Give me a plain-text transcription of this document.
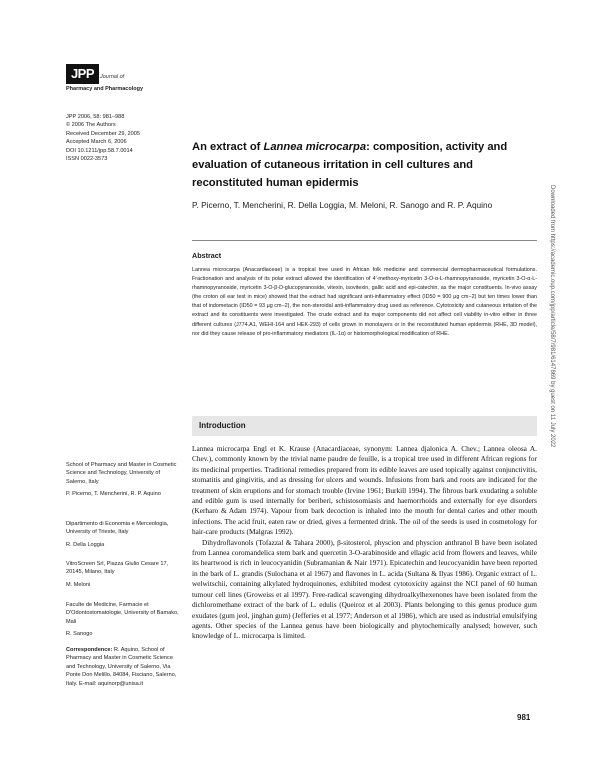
JPP	Journal of
Pharmacy and Pharmacology
JPP 2006, 58: 981–988
© 2006 The Authors
Received December 29, 2005
Accepted March 6, 2006
DOI 10.1211/jpp.58.7.0014
ISSN 0022-3573
An extract of Lannea microcarpa: composition, activity and evaluation of cutaneous irritation in cell cultures and reconstituted human epidermis
P. Picerno, T. Mencherini, R. Della Loggia, M. Meloni, R. Sanogo and R. P. Aquino
Abstract
Lannea microcarpa (Anacardiaceae) is a tropical tree used in African folk medicine and commercial dermopharmaceutical formulations. Fractionation and analysis of its polar extract allowed the identification of 4′-methoxy-myricetin 3-O-α-L-rhamnopyranoside, myricetin 3-O-α-L-rhamnopyranoside, myricetin 3-O-β-D-glucopyranoside, vitexin, isovitexin, gallic acid and epi-catechin, as the major constituents. In-vivo assay (the croton oil ear test in mice) showed that the extract had significant anti-inflammatory effect (ID50 = 900 μg cm−2) but ten times lower than that of indometacin (ID50 = 93 μg cm−2), the non-steroidal anti-inflammatory drug used as reference. Cytotoxicity and cutaneous irritation of the extract and its constituents were investigated. The crude extract and its major components did not affect cell viability in-vitro either in three different cultures (J774.A1, WEHI-164 and HEK-293) of cells grown in monolayers or in the reconstituted human epidermis (RHE, 3D model), nor did they cause release of pro-inflammatory mediators (IL-1α) or histomorphological modification of RHE.
Introduction

Lannea microcarpa Engl et K. Krause (Anacardiaceae, synonym: Lannea djalonica A. Chev.; Lannea oleosa A. Chev.), commonly known by the trivial name paudre de feuille, is a tropical tree used in different African regions for its medicinal properties. Traditional remedies prepared from its edible leaves are used topically against conjunctivitis, stomatitis and gingivitis, and as dressing for ulcers and wounds. Infusions from bark and roots are indicated for the treatment of skin eruptions and for stomach trouble (Irvine 1961; Burkill 1994). The fibrous bark exudating a soluble and edible gum is used internally for beriberi, schistosomiasis and haemorrhoids and externally for eye disorders (Kerharo & Adam 1974). Vapour from bark decoction is inhaled into the mouth for dental caries and other mouth infections. The acid fruit, eaten raw or dried, gives a fermented drink. The oil of the seeds is used in cosmetology for hair-care products (Malgras 1992).

Dihydroflavonols (Tofazzal & Tahara 2000), β-sitosterol, physcion and physcion anthranol B have been isolated from Lannea coromandelica stem bark and quercetin 3-O-arabinoside and ellagic acid from flowers and leaves, while its heartwood is rich in leucocyanidin (Subramanian & Nair 1971). Epicatechin and leucocyanidin have been reported in the bark of L. grandis (Sulochana et al 1967) and flavones in L. acida (Sultana & Ilyas 1986). Organic extract of L. welwitschii, containing alkylated hydroquinones, exhibited modest cytotoxicity against the NCI panel of 60 human tumour cell lines (Groweiss et al 1997). Free-radical scavenging dihydroalkylhexenones have been isolated from the dichloromethane extract of the bark of L. edulis (Queiroz et al 2003). Plants belonging to this genus produce gum exudates (gum jeol, jinghan gum) (Jefferies et al 1977; Anderson et al 1986), which are used as industrial emulsifying agents. Other species of the Lannea genus have been biologically and phytochemically analysed; however, such knowledge of L. microcarpa is limited.

School of Pharmacy and Master in Cosmetic Science and Technology, University of Salerno, Italy
P. Picerno, T. Mencherini, R. P. Aquino
Dipartimento di Economia e Merceologia, University of Trieste, Italy
R. Della Loggia
VitroScreen Srl, Piazza Giulio Cesare 17, 20145, Milano, Italy
M. Meloni
Faculte de Medicine, Farmacie et D'Odontostomatologie, University of Bamako, Mali
R. Sanogo
Correspondence: R. Aquino, School of Pharmacy and Master in Cosmetic Science and Technology, University of Salerno, Via Ponte Don Melillo, 84084, Fisciano, Salerno, Italy. E-mail: aquinorp@unisa.it
981
Downloaded from https://academic.oup.com/jpp/article/58/7/981/6147869 by guest on 11 July 2022
